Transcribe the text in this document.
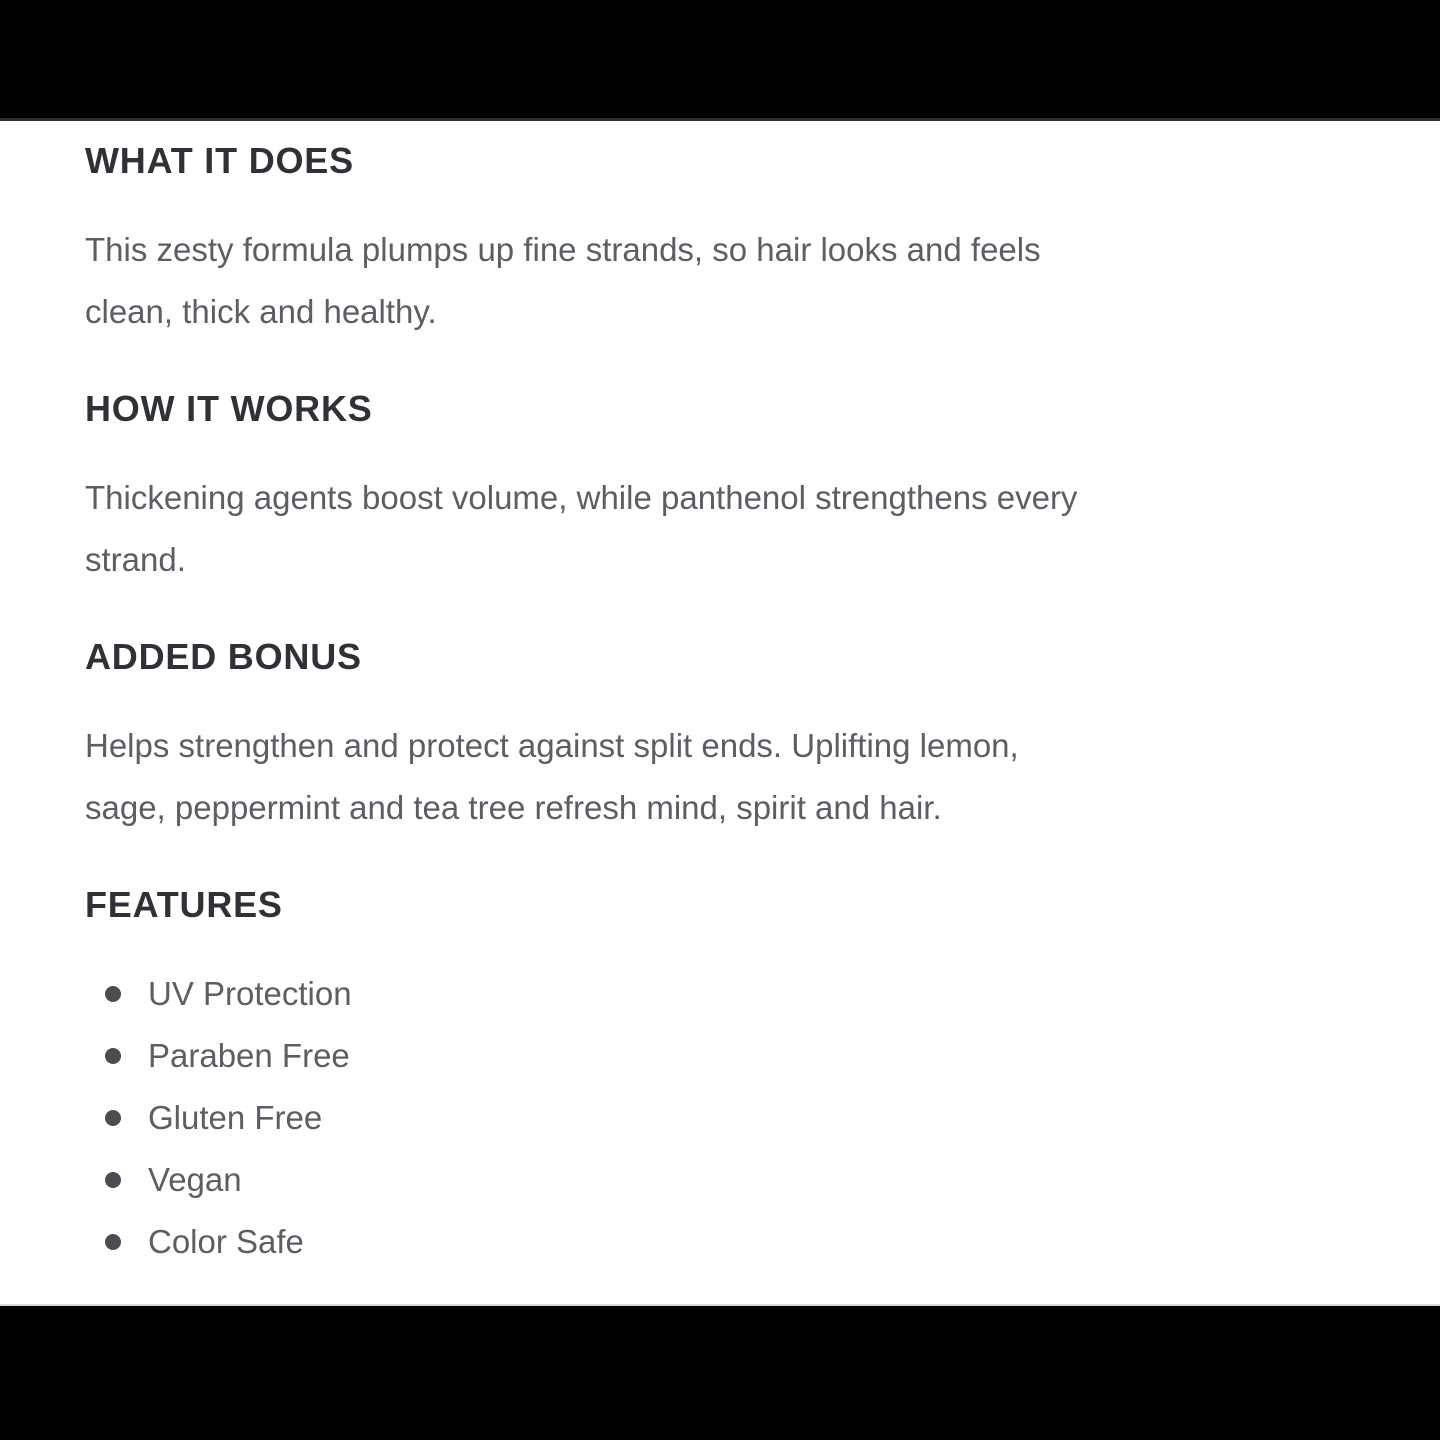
WHAT IT DOES

This zesty formula plumps up fine strands, so hair looks and feels
clean, thick and healthy.

HOW IT WORKS

Thickening agents boost volume, while panthenol strengthens every
strand.

ADDED BONUS

Helps strengthen and protect against split ends. Uplifting lemon,
sage, peppermint and tea tree refresh mind, spirit and hair.

FEATURES
UV Protection
Paraben Free
Gluten Free
Vegan
Color Safe
